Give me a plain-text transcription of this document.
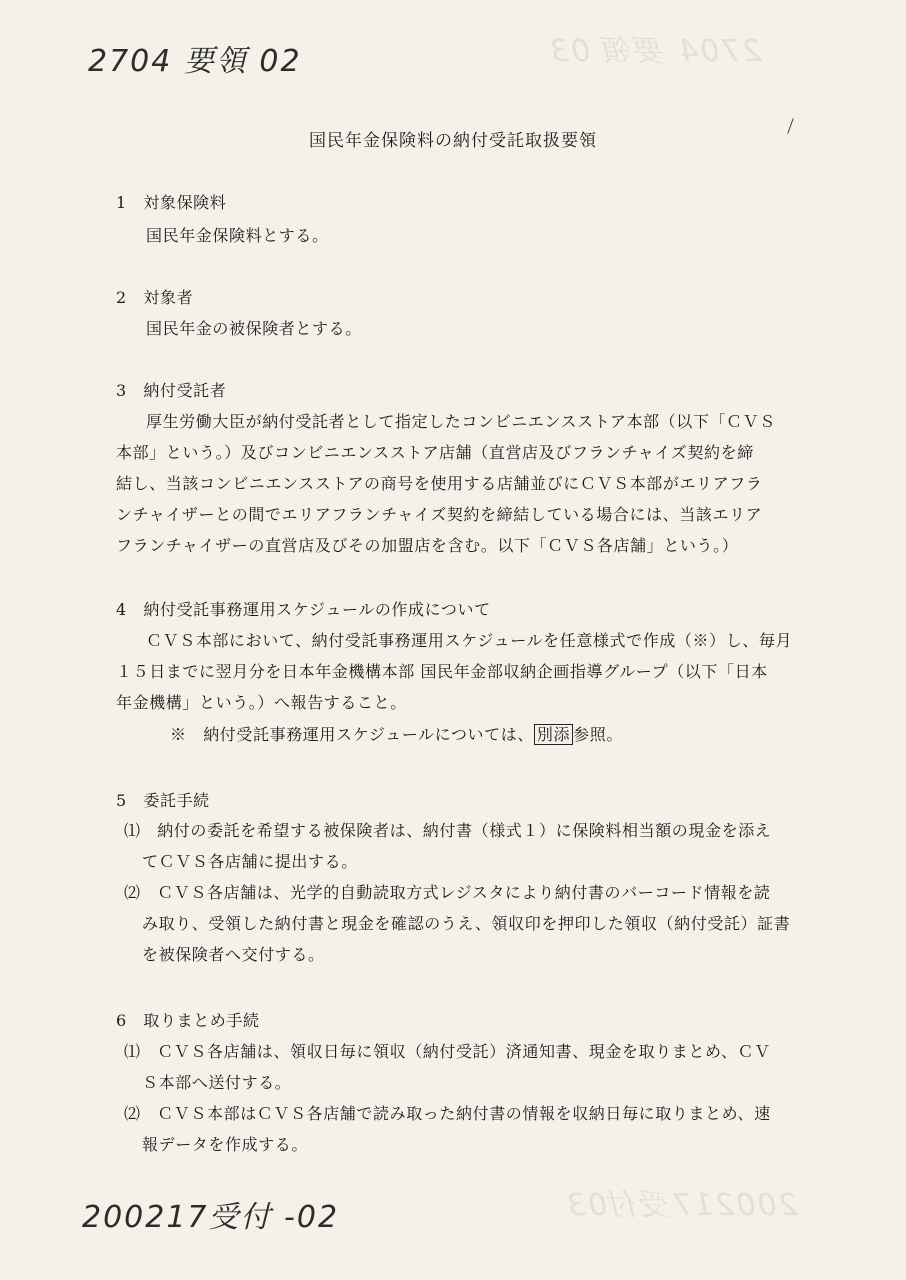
2704 要領 03
200217受付03
2704 要領 02
国民年金保険料の納付受託取扱要領
1　対象保険料
国民年金保険料とする。
2　対象者
国民年金の被保険者とする。
3　納付受託者
厚生労働大臣が納付受託者として指定したコンビニエンスストア本部（以下「ＣＶＳ
本部」という。）及びコンビニエンスストア店舗（直営店及びフランチャイズ契約を締
結し、当該コンビニエンスストアの商号を使用する店舗並びにＣＶＳ本部がエリアフラ
ンチャイザーとの間でエリアフランチャイズ契約を締結している場合には、当該エリア
フランチャイザーの直営店及びその加盟店を含む。以下「ＣＶＳ各店舗」という。）
4　納付受託事務運用スケジュールの作成について
ＣＶＳ本部において、納付受託事務運用スケジュールを任意様式で作成（※）し、毎月
１５日までに翌月分を日本年金機構本部 国民年金部収納企画指導グループ（以下「日本
年金機構」という。）へ報告すること。
※　納付受託事務運用スケジュールについては、 別添 参照。
5　委託手続
⑴　納付の委託を希望する被保険者は、納付書（様式１）に保険料相当額の現金を添え
てＣＶＳ各店舗に提出する。
⑵　ＣＶＳ各店舗は、光学的自動読取方式レジスタにより納付書のバーコード情報を読
み取り、受領した納付書と現金を確認のうえ、領収印を押印した領収（納付受託）証書
を被保険者へ交付する。
6　取りまとめ手続
⑴　ＣＶＳ各店舗は、領収日毎に領収（納付受託）済通知書、現金を取りまとめ、ＣＶ
Ｓ本部へ送付する。
⑵　ＣＶＳ本部はＣＶＳ各店舗で読み取った納付書の情報を収納日毎に取りまとめ、速
報データを作成する。
200217受付 -02
